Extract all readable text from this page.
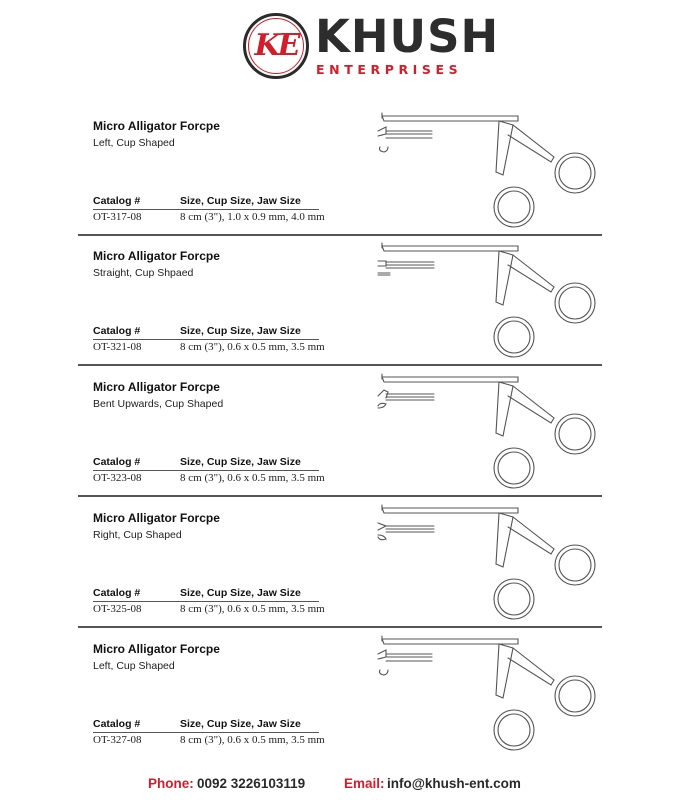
KE KHUSH
ENTERPRISES
Micro Alligator Forcpe
Left, Cup Shaped
Catalog #	Size, Cup Size, Jaw Size
OT-317-08	8 cm (3"), 1.0 x 0.9 mm, 4.0 mm
Micro Alligator Forcpe
Straight, Cup Shpaed
Catalog #	Size, Cup Size, Jaw Size
OT-321-08	8 cm (3"), 0.6 x 0.5 mm, 3.5 mm
Micro Alligator Forcpe
Bent Upwards, Cup Shaped
Catalog #	Size, Cup Size, Jaw Size
OT-323-08	8 cm (3"), 0.6 x 0.5 mm, 3.5 mm
Micro Alligator Forcpe
Right, Cup Shaped
Catalog #	Size, Cup Size, Jaw Size
OT-325-08	8 cm (3"), 0.6 x 0.5 mm, 3.5 mm
Micro Alligator Forcpe
Left, Cup Shaped
Catalog #	Size, Cup Size, Jaw Size
OT-327-08	8 cm (3"), 0.6 x 0.5 mm, 3.5 mm
Phone: 0092 3226103119	Email: info@khush-ent.com
